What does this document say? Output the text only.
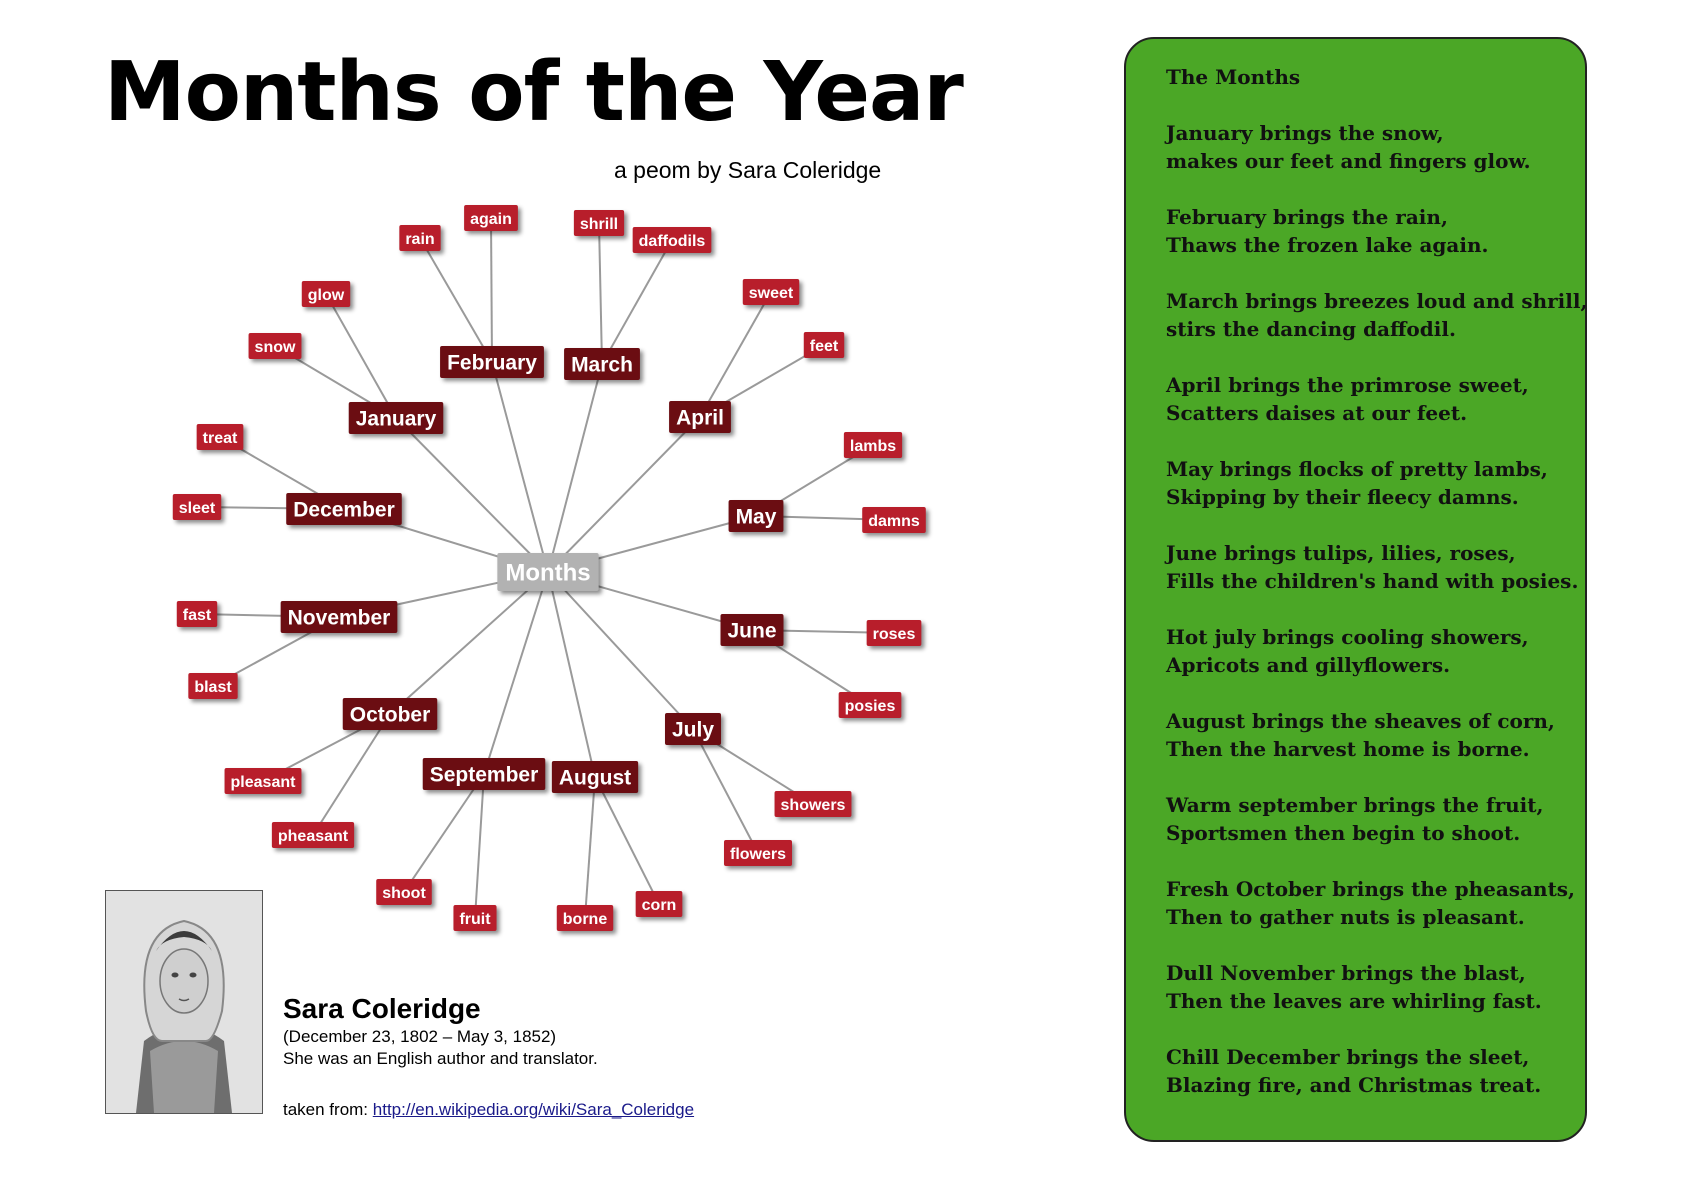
Months of the Year
a peom by Sara Coleridge
Months
January
snow
glow
February
rain
again
March
shrill
daffodils
April
sweet
feet
May
lambs
damns
June	roses
posies
July
showers
flowers
August
corn
borne
September
fruit
shoot
October
pheasant
pleasant
November
blast
fast
December
sleet
treat
Sara Coleridge
(December 23, 1802 – May 3, 1852)
She was an English author and translator.
taken from: http://en.wikipedia.org/wiki/Sara_Coleridge
The Months
January brings the snow,
makes our feet and fingers glow.
February brings the rain,
Thaws the frozen lake again.
March brings breezes loud and shrill,
stirs the dancing daffodil.
April brings the primrose sweet,
Scatters daises at our feet.
May brings flocks of pretty lambs,
Skipping by their fleecy damns.
June brings tulips, lilies, roses,
Fills the children's hand with posies.
Hot july brings cooling showers,
Apricots and gillyflowers.
August brings the sheaves of corn,
Then the harvest home is borne.
Warm september brings the fruit,
Sportsmen then begin to shoot.
Fresh October brings the pheasants,
Then to gather nuts is pleasant.
Dull November brings the blast,
Then the leaves are whirling fast.
Chill December brings the sleet,
Blazing fire, and Christmas treat.
